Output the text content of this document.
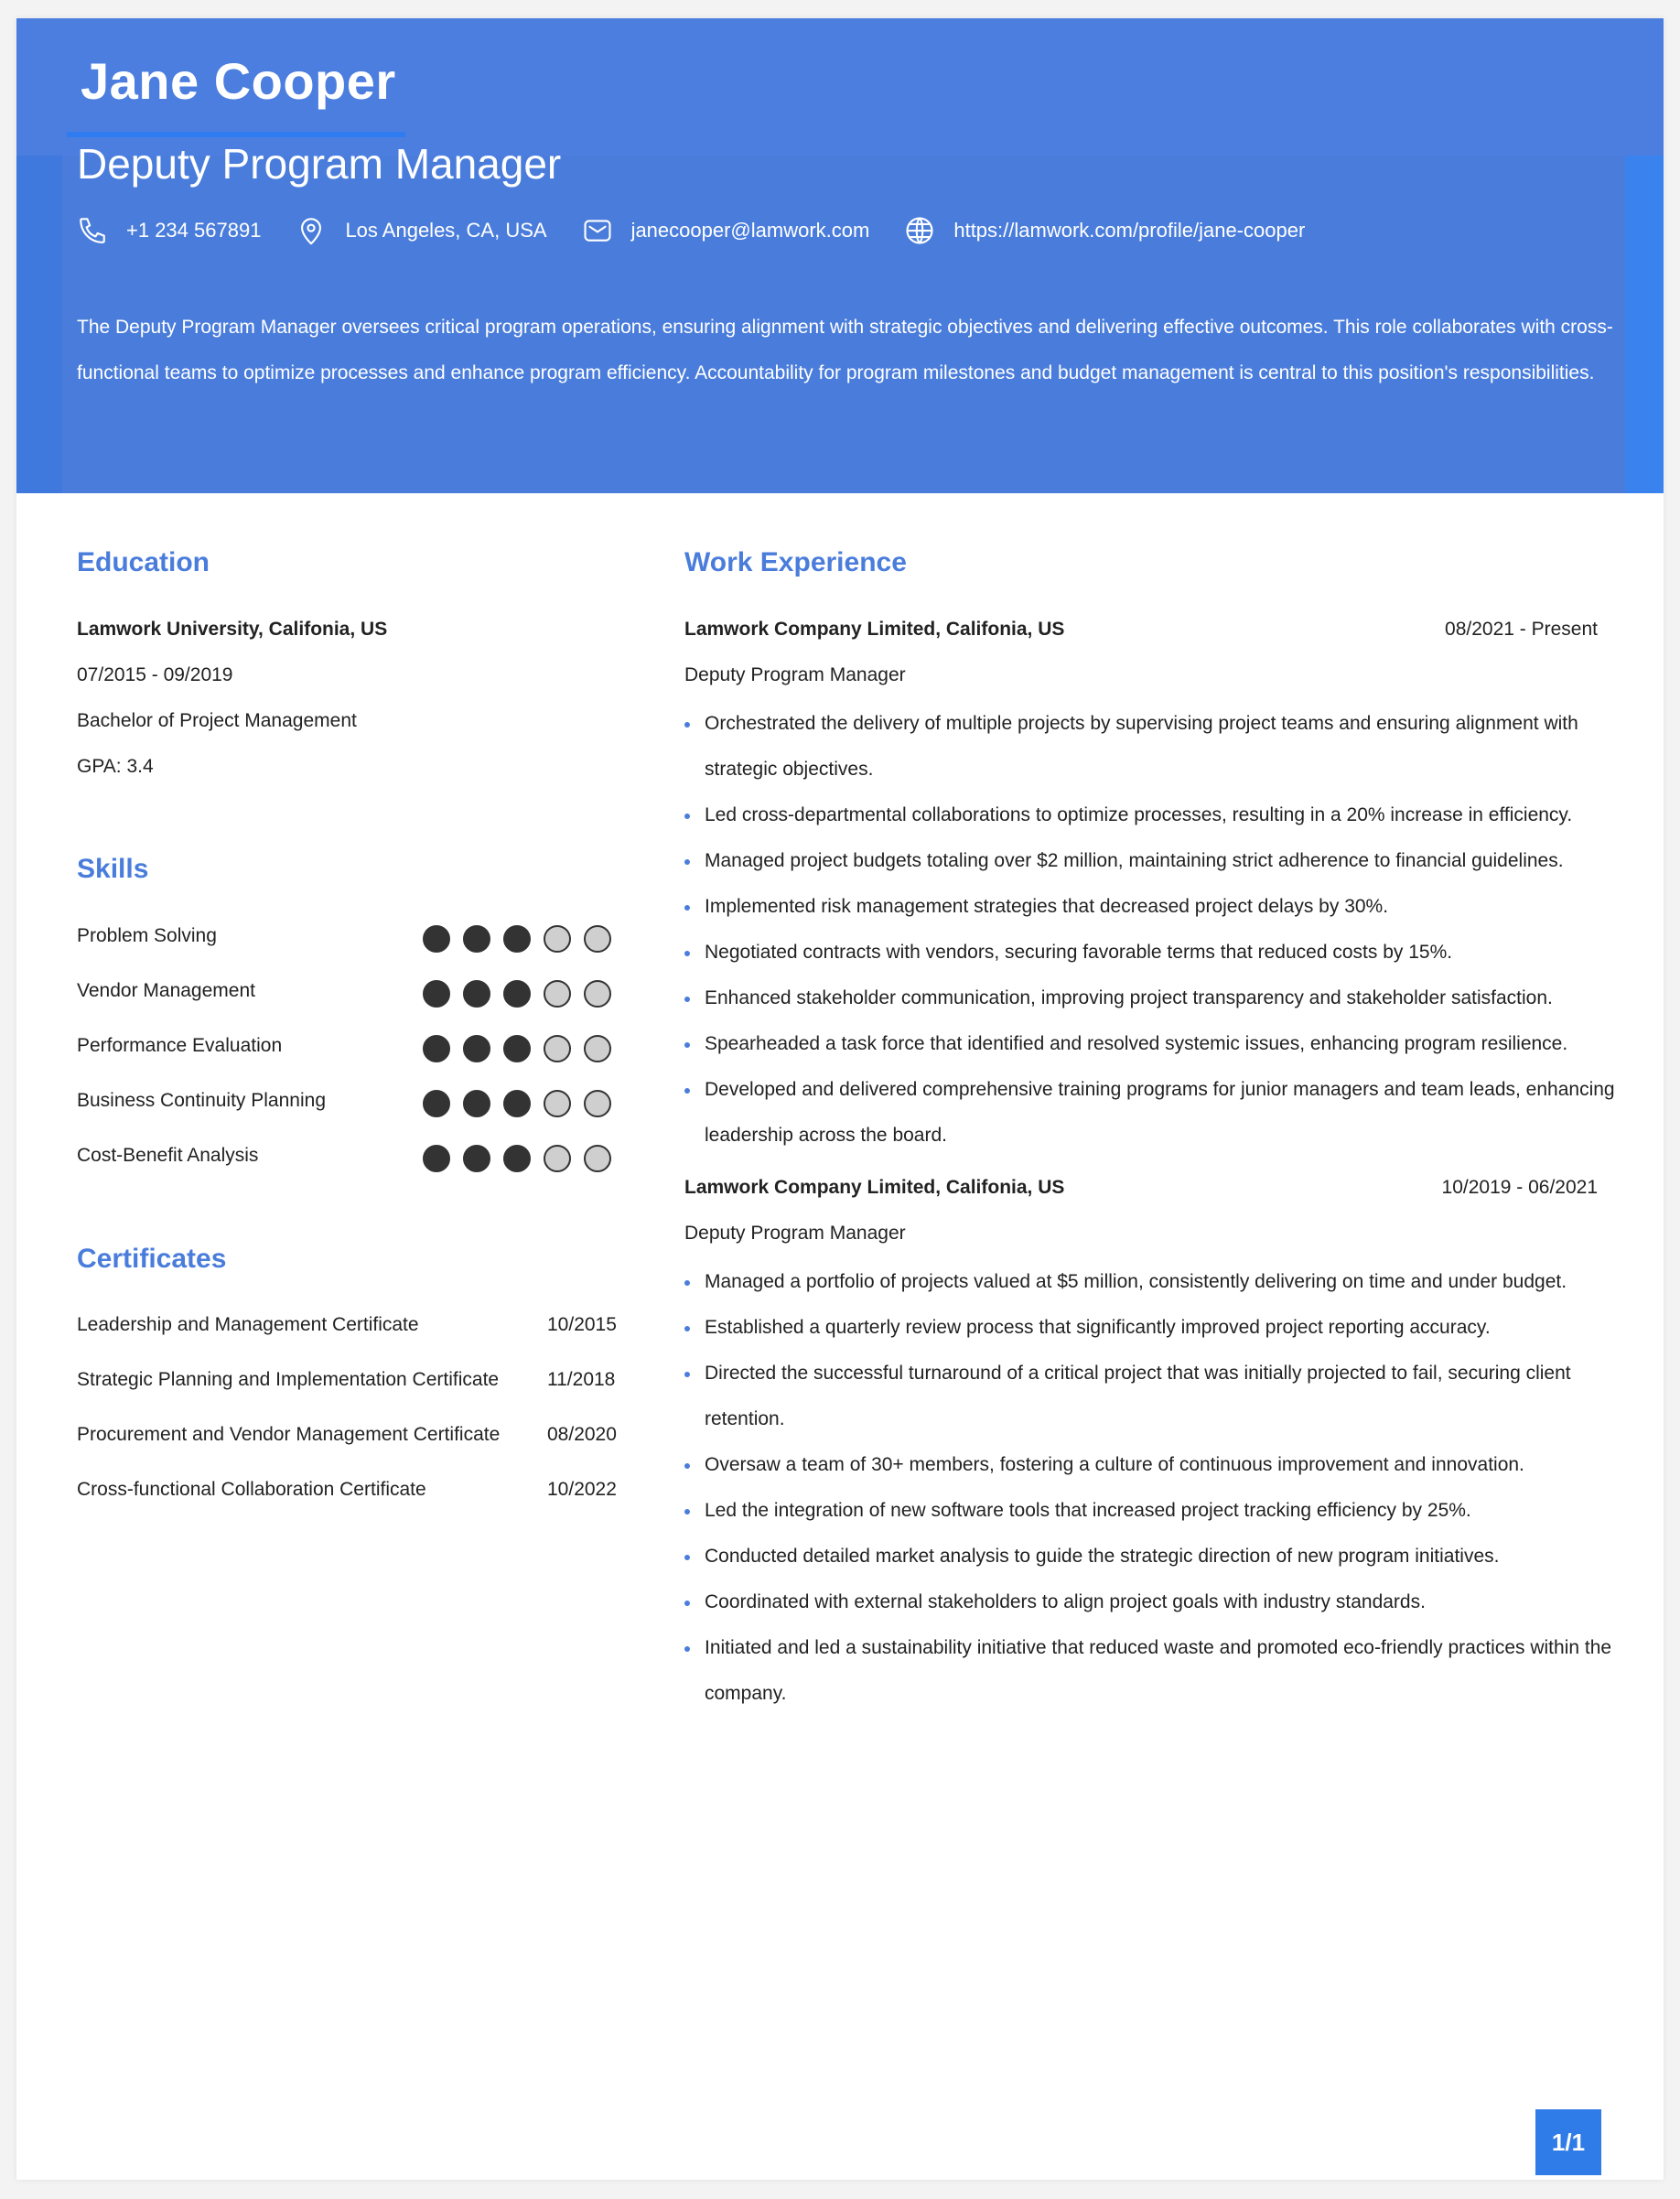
Jane Cooper
Deputy Program Manager
+1 234 567891	Los Angeles, CA, USA	janecooper@lamwork.com	https://lamwork.com/profile/jane-cooper
The Deputy Program Manager oversees critical program operations, ensuring alignment with strategic objectives and delivering effective outcomes. This role collaborates with cross-functional teams to optimize processes and enhance program efficiency. Accountability for program milestones and budget management is central to this position's responsibilities.
Education
Lamwork University, Califonia, US
07/2015 - 09/2019
Bachelor of Project Management
GPA: 3.4
Skills
Problem Solving
Vendor Management
Performance Evaluation
Business Continuity Planning
Cost-Benefit Analysis
Certificates
Leadership and Management Certificate	10/2015
Strategic Planning and Implementation Certificate	11/2018
Procurement and Vendor Management Certificate 08/2020
Cross-functional Collaboration Certificate	10/2022
Work Experience
Lamwork Company Limited, Califonia, US	08/2021 - Present
Deputy Program Manager
Orchestrated the delivery of multiple projects by supervising project teams and ensuring alignment with strategic objectives.
Led cross-departmental collaborations to optimize processes, resulting in a 20% increase in efficiency.
Managed project budgets totaling over $2 million, maintaining strict adherence to financial guidelines.
Implemented risk management strategies that decreased project delays by 30%.
Negotiated contracts with vendors, securing favorable terms that reduced costs by 15%.
Enhanced stakeholder communication, improving project transparency and stakeholder satisfaction.
Spearheaded a task force that identified and resolved systemic issues, enhancing program resilience.
Developed and delivered comprehensive training programs for junior managers and team leads, enhancing leadership across the board.
Lamwork Company Limited, Califonia, US	10/2019 - 06/2021
Deputy Program Manager
Managed a portfolio of projects valued at $5 million, consistently delivering on time and under budget.
Established a quarterly review process that significantly improved project reporting accuracy.
Directed the successful turnaround of a critical project that was initially projected to fail, securing client retention.
Oversaw a team of 30+ members, fostering a culture of continuous improvement and innovation.
Led the integration of new software tools that increased project tracking efficiency by 25%.
Conducted detailed market analysis to guide the strategic direction of new program initiatives.
Coordinated with external stakeholders to align project goals with industry standards.
Initiated and led a sustainability initiative that reduced waste and promoted eco-friendly practices within the company.
1/1
